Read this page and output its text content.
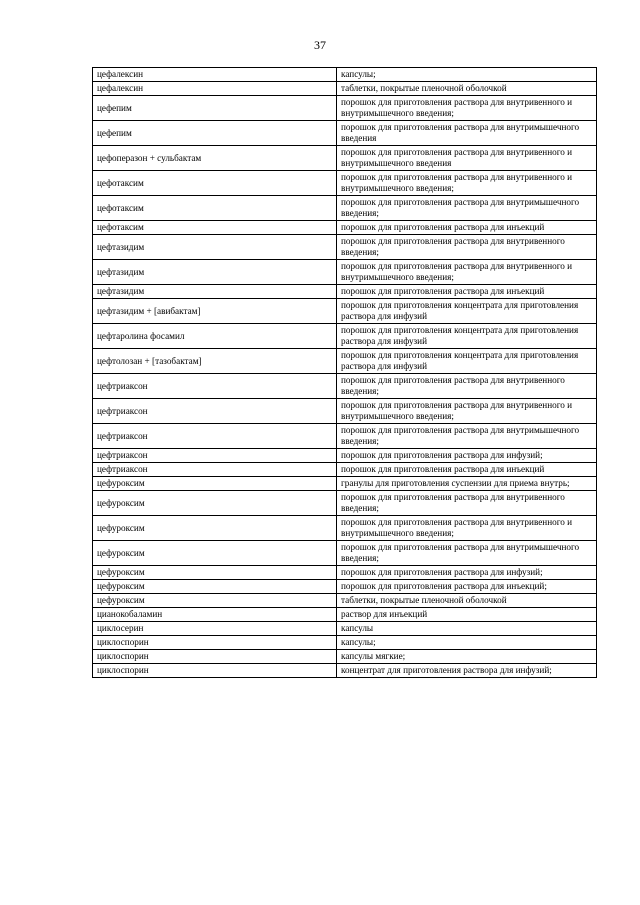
37
цефалексин	капсулы;
цефалексин	таблетки, покрытые пленочной оболочкой
цефепим	порошок для приготовления раствора для внутривенного и внутримышечного введения;
цефепим	порошок для приготовления раствора для внутримышечного введения
цефоперазон + сульбактам	порошок для приготовления раствора для внутривенного и внутримышечного введения
цефотаксим	порошок для приготовления раствора для внутривенного и внутримышечного введения;
цефотаксим	порошок для приготовления раствора для внутримышечного введения;
цефотаксим	порошок для приготовления раствора для инъекций
цефтазидим	порошок для приготовления раствора для внутривенного введения;
цефтазидим	порошок для приготовления раствора для внутривенного и внутримышечного введения;
цефтазидим	порошок для приготовления раствора для инъекций
цефтазидим + [авибактам]	порошок для приготовления концентрата для приготовления раствора для инфузий
цефтаролина фосамил	порошок для приготовления концентрата для приготовления раствора для инфузий
цефтолозан + [тазобактам]	порошок для приготовления концентрата для приготовления раствора для инфузий
цефтриаксон	порошок для приготовления раствора для внутривенного введения;
цефтриаксон	порошок для приготовления раствора для внутривенного и внутримышечного введения;
цефтриаксон	порошок для приготовления раствора для внутримышечного введения;
цефтриаксон	порошок для приготовления раствора для инфузий;
цефтриаксон	порошок для приготовления раствора для инъекций
цефуроксим	гранулы для приготовления суспензии для приема внутрь;
цефуроксим	порошок для приготовления раствора для внутривенного введения;
цефуроксим	порошок для приготовления раствора для внутривенного и внутримышечного введения;
цефуроксим	порошок для приготовления раствора для внутримышечного введения;
цефуроксим	порошок для приготовления раствора для инфузий;
цефуроксим	порошок для приготовления раствора для инъекций;
цефуроксим	таблетки, покрытые пленочной оболочкой
цианокобаламин	раствор для инъекций
циклосерин	капсулы
циклоспорин	капсулы;
циклоспорин	капсулы мягкие;
циклоспорин	концентрат для приготовления раствора для инфузий;
